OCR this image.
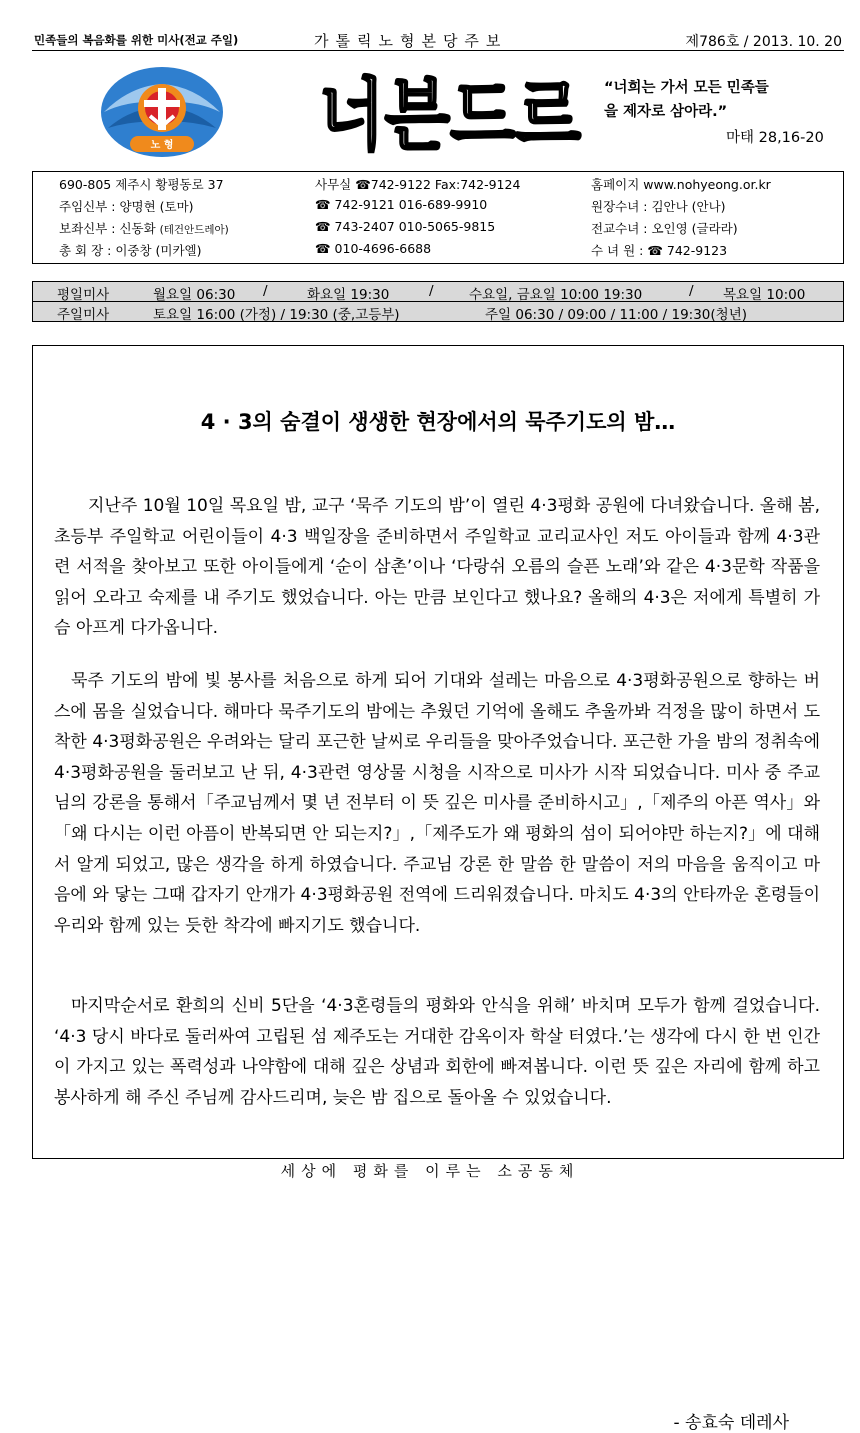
민족들의 복음화를 위한 미사(전교 주일)	가톨릭노형본당주보	제786호 / 2013. 10. 20
노 형 너븐드르 “너희는 가서 모든 민족들
을 제자로 삼아라.”
마태 28,16-20
690-805 제주시 황평동로 37	사무실 ☎742-9122 Fax:742-9124	홈페이지 www.nohyeong.or.kr
주임신부 : 양명현 (토마)	☎ 742-9121 016-689-9910	원장수녀 : 김안나 (안나)
보좌신부 : 신동화 (테건안드레아)	☎ 743-2407 010-5065-9815	전교수녀 : 오인영 (글라라)
총 회 장 : 이중창 (미카엘)	☎ 010-4696-6688	수 녀 원 : ☎ 742-9123
평일미사	월요일 06:30 /	화요일 19:30	/	수요일, 금요일 10:00 19:30	/ 목요일 10:00
주일미사	토요일 16:00 (가정) / 19:30 (중,고등부)	주일 06:30 / 09:00 / 11:00 / 19:30(청년)
4 · 3의 숨결이 생생한 현장에서의 묵주기도의 밤…

지난주 10월 10일 목요일 밤, 교구 ‘묵주 기도의 밤’이 열린 4·3평화 공원에 다녀왔습니다. 올해 봄, 초등부 주일학교 어린이들이 4·3 백일장을 준비하면서 주일학교 교리교사인 저도 아이들과 함께 4·3관련 서적을 찾아보고 또한 아이들에게 ‘순이 삼촌’이나 ‘다랑쉬 오름의 슬픈 노래’와 같은 4·3문학 작품을 읽어 오라고 숙제를 내 주기도 했었습니다. 아는 만큼 보인다고 했나요? 올해의 4·3은 저에게 특별히 가슴 아프게 다가옵니다.

묵주 기도의 밤에 빛 봉사를 처음으로 하게 되어 기대와 설레는 마음으로 4·3평화공원으로 향하는 버스에 몸을 실었습니다. 해마다 묵주기도의 밤에는 추웠던 기억에 올해도 추울까봐 걱정을 많이 하면서 도착한 4·3평화공원은 우려와는 달리 포근한 날씨로 우리들을 맞아주었습니다. 포근한 가을 밤의 정취속에 4·3평화공원을 둘러보고 난 뒤, 4·3관련 영상물 시청을 시작으로 미사가 시작 되었습니다. 미사 중 주교님의 강론을 통해서「주교님께서 몇 년 전부터 이 뜻 깊은 미사를 준비하시고」,「제주의 아픈 역사」와「왜 다시는 이런 아픔이 반복되면 안 되는지?」,「제주도가 왜 평화의 섬이 되어야만 하는지?」에 대해서 알게 되었고, 많은 생각을 하게 하였습니다. 주교님 강론 한 말씀 한 말씀이 저의 마음을 움직이고 마음에 와 닿는 그때 갑자기 안개가 4·3평화공원 전역에 드리워졌습니다. 마치도 4·3의 안타까운 혼령들이 우리와 함께 있는 듯한 착각에 빠지기도 했습니다.

마지막순서로 환희의 신비 5단을 ‘4·3혼령들의 평화와 안식을 위해’ 바치며 모두가 함께 걸었습니다. ‘4·3 당시 바다로 둘러싸여 고립된 섬 제주도는 거대한 감옥이자 학살 터였다.’는 생각에 다시 한 번 인간이 가지고 있는 폭력성과 나약함에 대해 깊은 상념과 회한에 빠져봅니다. 이런 뜻 깊은 자리에 함께 하고 봉사하게 해 주신 주님께 감사드리며, 늦은 밤 집으로 돌아올 수 있었습니다.

- 송효숙 데레사
세상에 평화를 이루는 소공동체
